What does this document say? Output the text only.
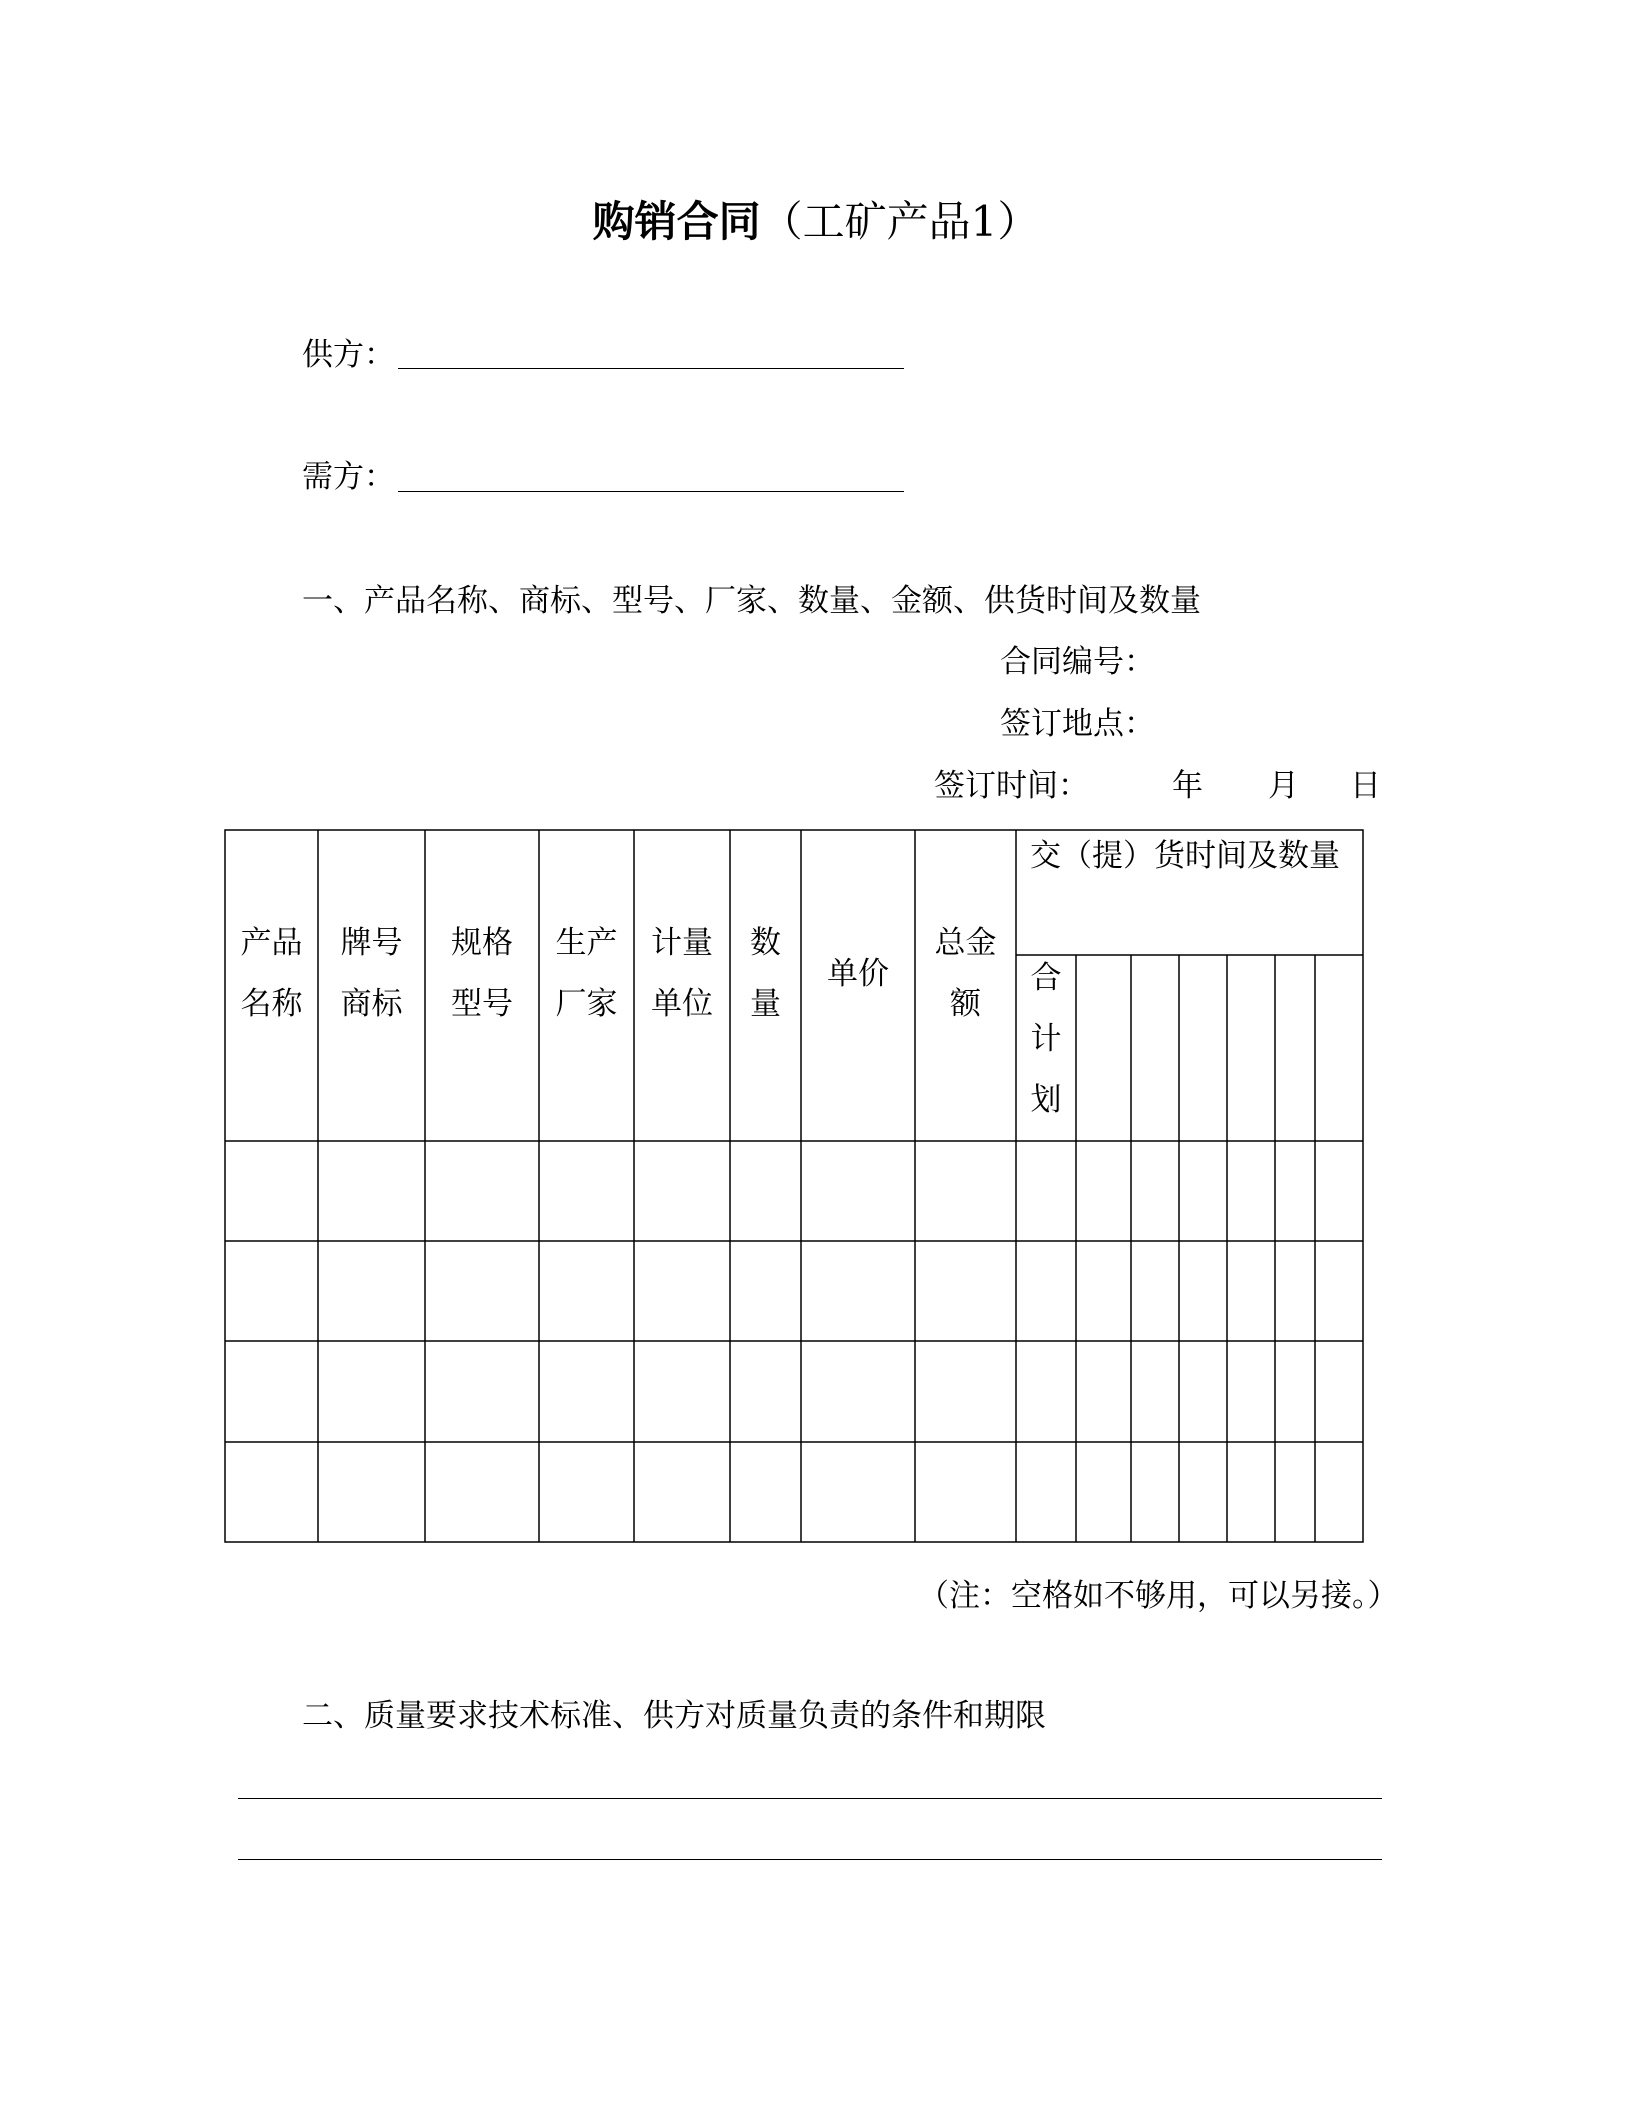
购销合同（工矿产品1）
供方：
需方：
一、产品名称、商标、型号、厂家、数量、金额、供货时间及数量
合同编号：
签订地点：
签订时间：	年 月 日
产品
名称
牌号
商标
规格
型号
生产
厂家
计量
单位
数
量
单价
总金
额
交（提）货时间及数量
合
计
划
（注：空格如不够用，可以另接。）
二、质量要求技术标准、供方对质量负责的条件和期限
